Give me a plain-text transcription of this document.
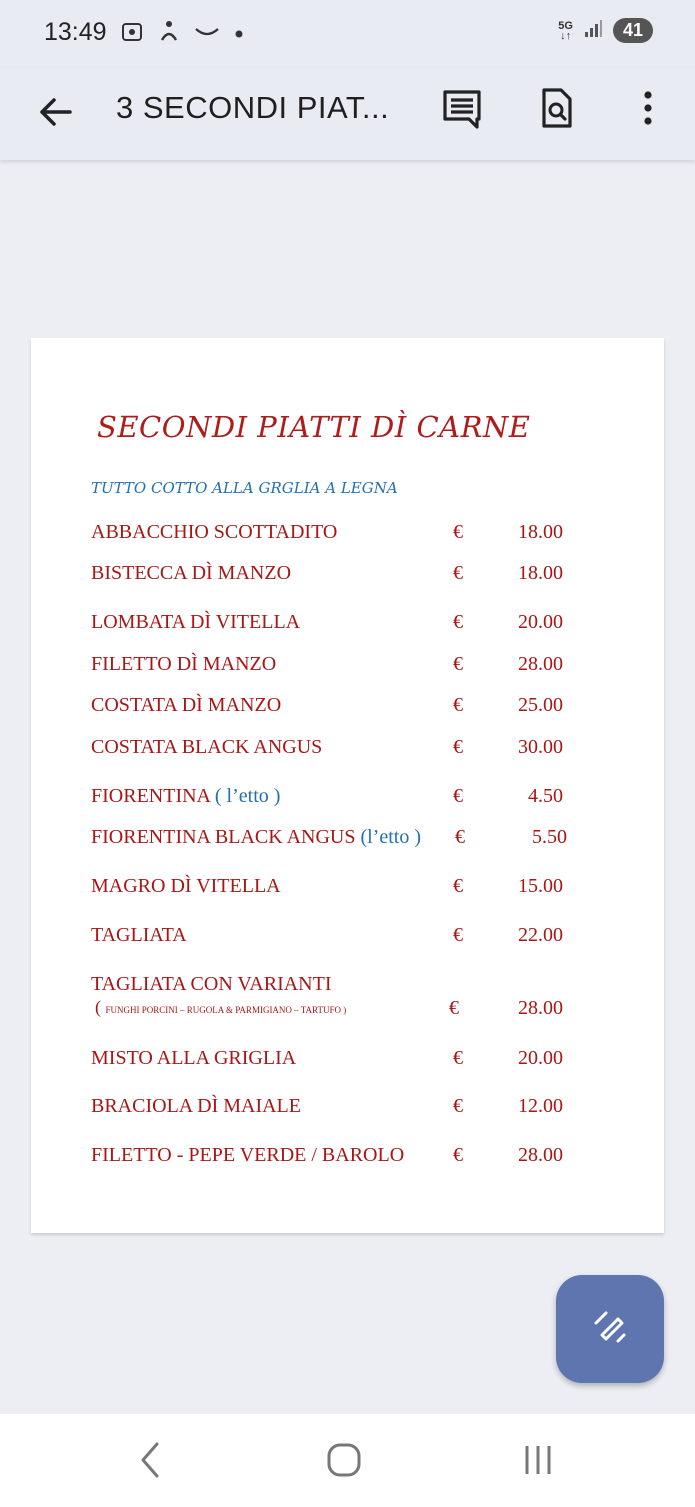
13:49	5G
↓↑	41
3 SECONDI PIAT...
SECONDI PIATTI DÌ CARNE
TUTTO COTTO ALLA GRGLIA A LEGNA
ABBACCHIO SCOTTADITO	€	18.00
BISTECCA DÌ MANZO	€	18.00
LOMBATA DÌ VITELLA	€	20.00
FILETTO DÌ MANZO	€	28.00
COSTATA DÌ MANZO	€	25.00
COSTATA BLACK ANGUS	€	30.00
FIORENTINA ( l’etto )	€	4.50
FIORENTINA BLACK ANGUS (l’etto ) €	5.50
MAGRO DÌ VITELLA	€	15.00
TAGLIATA	€	22.00
TAGLIATA CON VARIANTI
( FUNGHI PORCINI – RUGOLA & PARMIGIANO – TARTUFO )	€	28.00
MISTO ALLA GRIGLIA	€	20.00
BRACIOLA DÌ MAIALE	€	12.00
FILETTO - PEPE VERDE / BAROLO €	28.00
